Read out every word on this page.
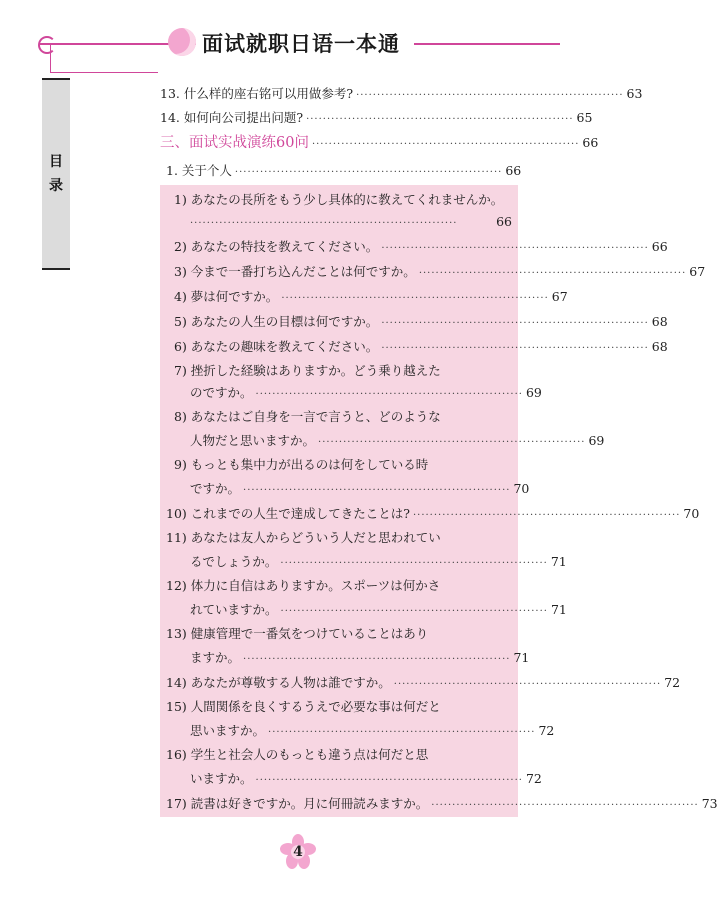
面试就职日语一本通
目
录
13. 什么样的座右铭可以用做参考? ································································ 63
14. 如何向公司提出问题? ································································ 65
三、面试实战演练60问 ································································ 66
1. 关于个人 ································································ 66
1) あなたの長所をもう少し具体的に教えてくれませんか。
································································	66
2) あなたの特技を教えてください。 ································································ 66
3) 今まで一番打ち込んだことは何ですか。 ································································ 67
4) 夢は何ですか。 ································································ 67
5) あなたの人生の目標は何ですか。 ································································ 68
6) あなたの趣味を教えてください。 ································································ 68
7) 挫折した経験はありますか。どう乗り越えた
のですか。 ································································ 69
8) あなたはご自身を一言で言うと、どのような
人物だと思いますか。 ································································ 69
9) もっとも集中力が出るのは何をしている時
ですか。 ································································ 70
10) これまでの人生で達成してきたことは? ································································ 70
11) あなたは友人からどういう人だと思われてい
るでしょうか。 ································································ 71
12) 体力に自信はありますか。スポーツは何かさ
れていますか。 ································································ 71
13) 健康管理で一番気をつけていることはあり
ますか。 ································································ 71
14) あなたが尊敬する人物は誰ですか。 ································································ 72
15) 人間関係を良くするうえで必要な事は何だと
思いますか。 ································································ 72
16) 学生と社会人のもっとも違う点は何だと思
いますか。 ································································ 72
17) 読書は好きですか。月に何冊読みますか。 ································································ 73
4
